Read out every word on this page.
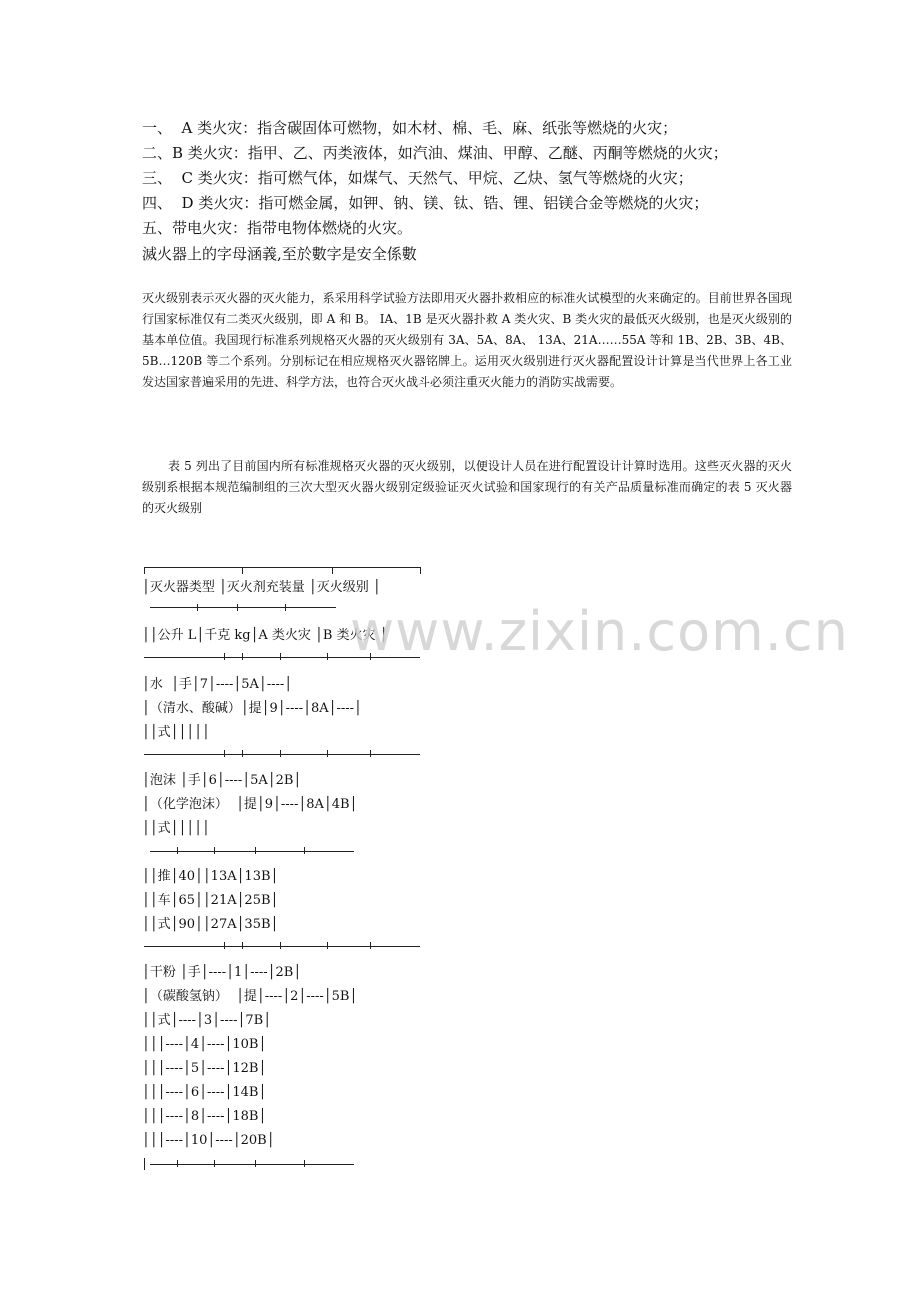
一、  A 类火灾：指含碳固体可燃物，如木材、棉、毛、麻、纸张等燃烧的火灾；

二、B 类火灾：指甲、乙、丙类液体，如汽油、煤油、甲醇、乙醚、丙酮等燃烧的火灾；

三、  C 类火灾：指可燃气体，如煤气、天然气、甲烷、乙炔、氢气等燃烧的火灾；

四、  D 类火灾：指可燃金属，如钾、钠、镁、钛、锆、锂、铝镁合金等燃烧的火灾；

五、带电火灾：指带电物体燃烧的火灾。

滅火器上的字母涵義,至於數字是安全係數

灭火级别表示灭火器的灭火能力，系采用科学试验方法即用灭火器扑救相应的标准火试模型的火来确定的。目前世界各国现行国家标准仅有二类灭火级别，即 A 和 B。 IA、1B 是灭火器扑救 A 类火灾、B 类火灾的最低灭火级别，也是灭火级别的基本单位值。我国现行标准系列规格灭火器的灭火级别有 3A、5A、8A、 13A、21A……55A 等和 1B、2B、3B、4B、5B…120B 等二个系列。分别标记在相应规格灭火器铭牌上。运用灭火级别进行灭火器配置设计计算是当代世界上各工业发达国家普遍采用的先进、科学方法，也符合灭火战斗必须注重灭火能力的消防实战需要。

表 5 列出了目前国内所有标准规格灭火器的灭火级别，以便设计人员在进行配置设计计算时选用。这些灭火器的灭火级别系根据本规范编制组的三次大型灭火器火级别定级验证灭火试验和国家现行的有关产品质量标准而确定的表 5 灭火器的灭火级别

│灭火器类型 │灭火剂充装量 │灭火级别 │

││公升 L│千克 kg│A 类火灾 │B 类火灾 │

│水  │手│7│----│5A│----│

│（清水、酸碱）│提│9│----│8A│----│

││式│││││

│泡沫 │手│6│----│5A│2B│

│（化学泡沫）  │提│9│----│8A│4B│

││式│││││

││推│40││13A│13B│

││车│65││21A│25B│

││式│90││27A│35B│

│干粉 │手│----│1│----│2B│

│（碳酸氢钠）  │提│----│2│----│5B│

││式│----│3│----│7B│

│││----│4│----│10B│

│││----│5│----│12B│

│││----│6│----│14B│

│││----│8│----│18B│

│││----│10│----│20B│

www.zixin.com.cn
